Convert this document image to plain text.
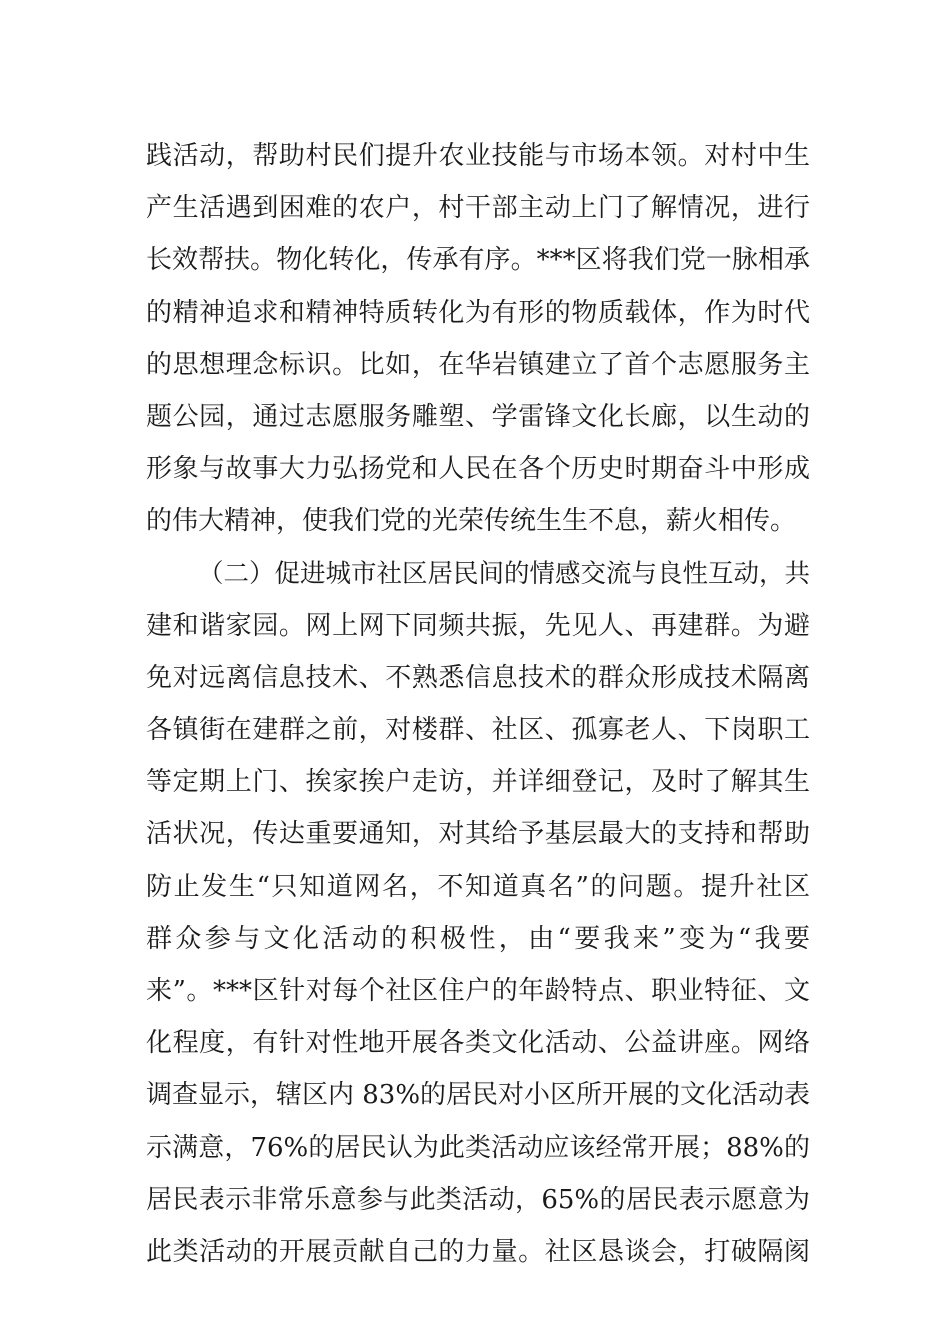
践活动，帮助村民们提升农业技能与市场本领。对村中生
产生活遇到困难的农户，村干部主动上门了解情况，进行
长效帮扶。物化转化，传承有序。***区将我们党一脉相承
的精神追求和精神特质转化为有形的物质载体，作为时代
的思想理念标识。比如，在华岩镇建立了首个志愿服务主
题公园，通过志愿服务雕塑、学雷锋文化长廊，以生动的
形象与故事大力弘扬党和人民在各个历史时期奋斗中形成
的伟大精神，使我们党的光荣传统生生不息，薪火相传。
（二）促进城市社区居民间的情感交流与良性互动，共
建和谐家园。网上网下同频共振，先见人、再建群。为避
免对远离信息技术、不熟悉信息技术的群众形成技术隔离
各镇街在建群之前，对楼群、社区、孤寡老人、下岗职工
等定期上门、挨家挨户走访，并详细登记，及时了解其生
活状况，传达重要通知，对其给予基层最大的支持和帮助
防止发生“只知道网名，不知道真名”的问题。提升社区
群众参与文化活动的积极性，由“要我来”变为“我要
来”。***区针对每个社区住户的年龄特点、职业特征、文
化程度，有针对性地开展各类文化活动、公益讲座。网络
调查显示，辖区内 83%的居民对小区所开展的文化活动表
示满意，76%的居民认为此类活动应该经常开展；88%的
居民表示非常乐意参与此类活动，65%的居民表示愿意为
此类活动的开展贡献自己的力量。社区恳谈会，打破隔阂
